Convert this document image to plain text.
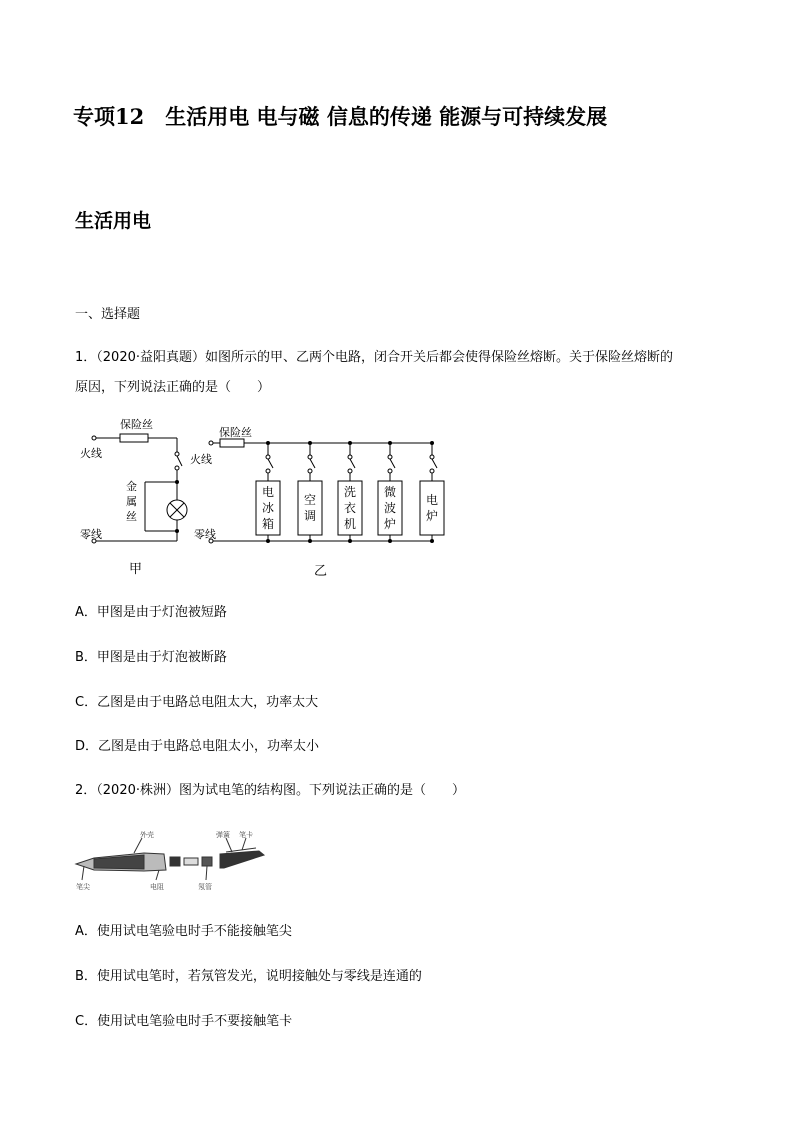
专项12　生活用电 电与磁 信息的传递 能源与可持续发展
生活用电
一、选择题
1．（2020·益阳真题）如图所示的甲、乙两个电路，闭合开关后都会使得保险丝熔断。关于保险丝熔断的
原因，下列说法正确的是（　　）
电
冰
箱
空
调
洗
衣
机
微
波
炉
电
炉
保险丝
火线
零线
保险丝
火线
零线
金
属
丝
甲	乙
A．甲图是由于灯泡被短路
B．甲图是由于灯泡被断路
C．乙图是由于电路总电阻太大，功率太大
D．乙图是由于电路总电阻太小，功率太小
2．（2020·株洲）图为试电笔的结构图。下列说法正确的是（　　）
外壳	弹簧 笔卡
笔尖	电阻	氖管
A．使用试电笔验电时手不能接触笔尖
B．使用试电笔时，若氖管发光，说明接触处与零线是连通的
C．使用试电笔验电时手不要接触笔卡
